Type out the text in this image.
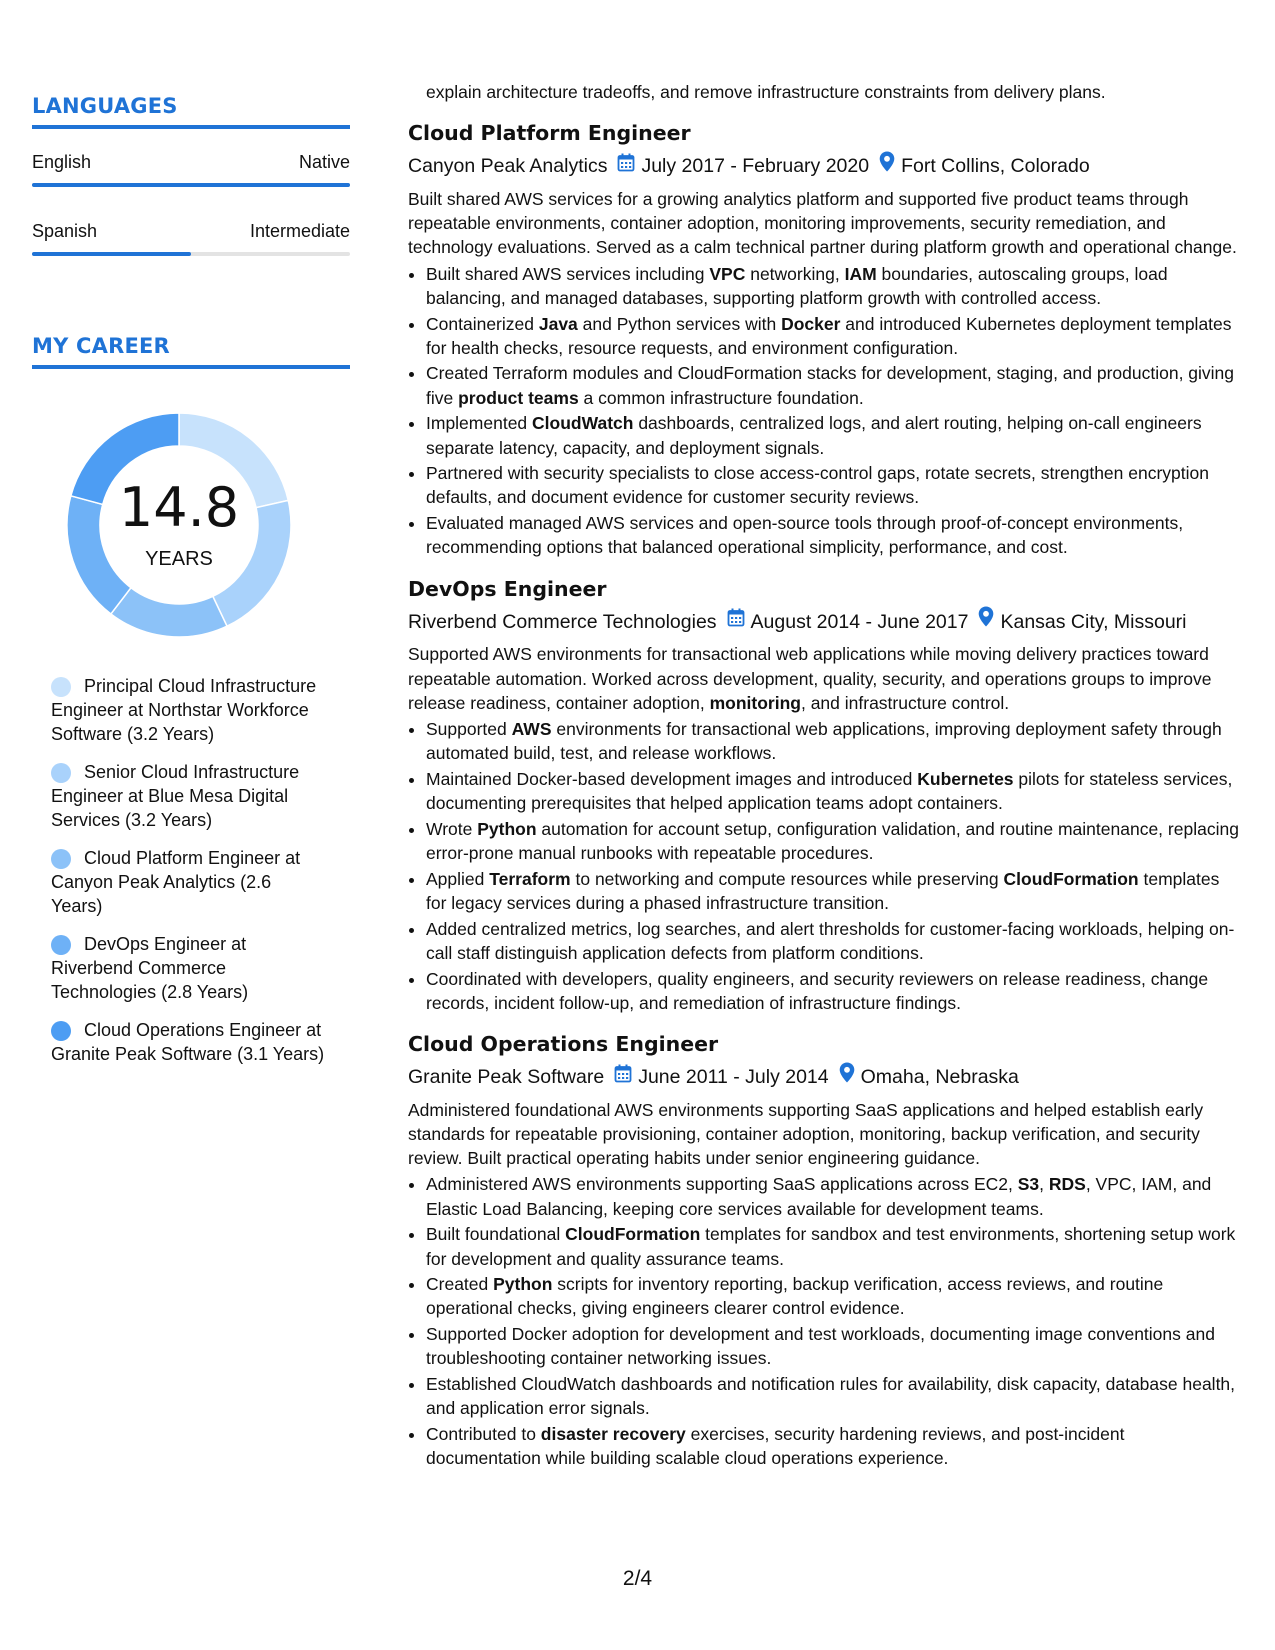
LANGUAGES
English	Native
Spanish	Intermediate
MY CAREER
14.8
YEARS
Principal Cloud Infrastructure Engineer at Northstar Workforce Software (3.2 Years)
Senior Cloud Infrastructure Engineer at Blue Mesa Digital Services (3.2 Years)
Cloud Platform Engineer at Canyon Peak Analytics (2.6 Years)
DevOps Engineer at Riverbend Commerce Technologies (2.8 Years)
Cloud Operations Engineer at Granite Peak Software (3.1 Years)

explain architecture tradeoffs, and remove infrastructure constraints from delivery plans.

Cloud Platform Engineer
Canyon Peak Analytics July 2017 - February 2020 Fort Collins, Colorado

Built shared AWS services for a growing analytics platform and supported five product teams through repeatable environments, container adoption, monitoring improvements, security remediation, and technology evaluations. Served as a calm technical partner during platform growth and operational change.

• Built shared AWS services including VPC networking, IAM boundaries, autoscaling groups, load balancing, and managed databases, supporting platform growth with controlled access.
• Containerized Java and Python services with Docker and introduced Kubernetes deployment templates for health checks, resource requests, and environment configuration.
• Created Terraform modules and CloudFormation stacks for development, staging, and production, giving five product teams a common infrastructure foundation.
• Implemented CloudWatch dashboards, centralized logs, and alert routing, helping on-call engineers separate latency, capacity, and deployment signals.
• Partnered with security specialists to close access-control gaps, rotate secrets, strengthen encryption defaults, and document evidence for customer security reviews.
• Evaluated managed AWS services and open-source tools through proof-of-concept environments, recommending options that balanced operational simplicity, performance, and cost.
DevOps Engineer
Riverbend Commerce Technologies August 2014 - June 2017 Kansas City, Missouri

Supported AWS environments for transactional web applications while moving delivery practices toward repeatable automation. Worked across development, quality, security, and operations groups to improve release readiness, container adoption, monitoring, and infrastructure control.

• Supported AWS environments for transactional web applications, improving deployment safety through automated build, test, and release workflows.
• Maintained Docker-based development images and introduced Kubernetes pilots for stateless services, documenting prerequisites that helped application teams adopt containers.
• Wrote Python automation for account setup, configuration validation, and routine maintenance, replacing error-prone manual runbooks with repeatable procedures.
• Applied Terraform to networking and compute resources while preserving CloudFormation templates for legacy services during a phased infrastructure transition.
• Added centralized metrics, log searches, and alert thresholds for customer-facing workloads, helping on-call staff distinguish application defects from platform conditions.
• Coordinated with developers, quality engineers, and security reviewers on release readiness, change records, incident follow-up, and remediation of infrastructure findings.
Cloud Operations Engineer
Granite Peak Software June 2011 - July 2014 Omaha, Nebraska

Administered foundational AWS environments supporting SaaS applications and helped establish early standards for repeatable provisioning, container adoption, monitoring, backup verification, and security review. Built practical operating habits under senior engineering guidance.

• Administered AWS environments supporting SaaS applications across EC2, S3, RDS, VPC, IAM, and Elastic Load Balancing, keeping core services available for development teams.
• Built foundational CloudFormation templates for sandbox and test environments, shortening setup work for development and quality assurance teams.
• Created Python scripts for inventory reporting, backup verification, access reviews, and routine operational checks, giving engineers clearer control evidence.
• Supported Docker adoption for development and test workloads, documenting image conventions and troubleshooting container networking issues.
• Established CloudWatch dashboards and notification rules for availability, disk capacity, database health, and application error signals.
• Contributed to disaster recovery exercises, security hardening reviews, and post-incident documentation while building scalable cloud operations experience.
2/4
